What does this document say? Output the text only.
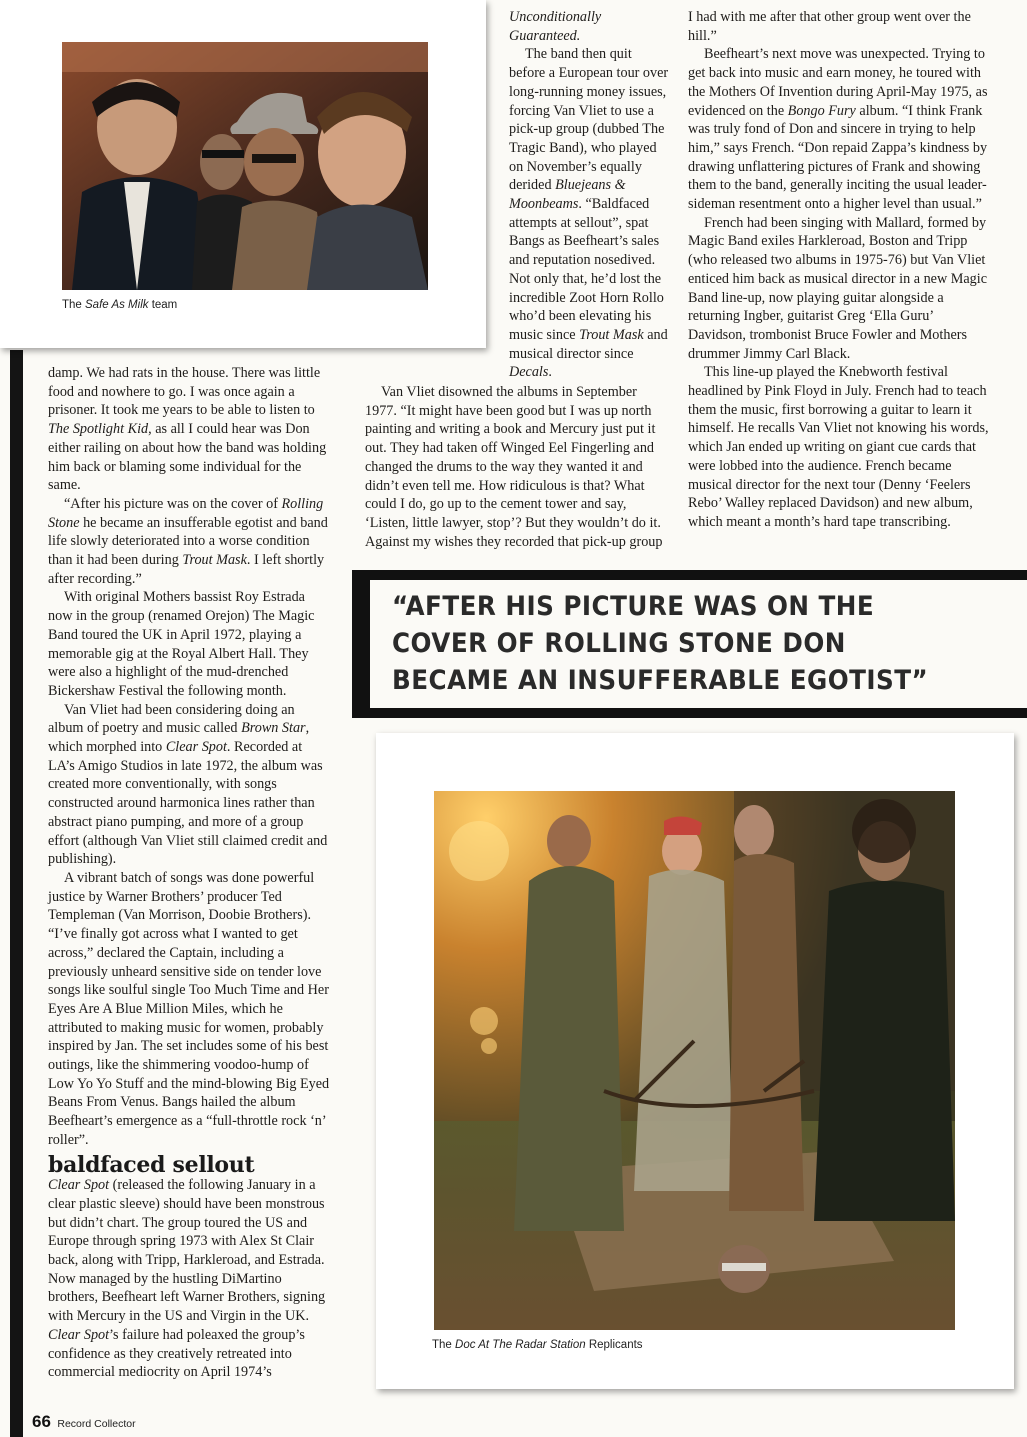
The Safe As Milk team

Unconditionally Guaranteed.

The band then quit before a European tour over long-running money issues, forcing Van Vliet to use a pick-up group (dubbed The Tragic Band), who played on November’s equally derided Bluejeans & Moonbeams. “Baldfaced attempts at sellout”, spat Bangs as Beefheart’s sales and reputation nosedived. Not only that, he’d lost the incredible Zoot Horn Rollo who’d been elevating his music since Trout Mask and musical director since Decals.

Van Vliet disowned the albums in September 1977. “It might have been good but I was up north painting and writing a book and Mercury just put it out. They had taken off Winged Eel Fingerling and changed the drums to the way they wanted it and didn’t even tell me. How ridiculous is that? What could I do, go up to the cement tower and say, ‘Listen, little lawyer, stop’? But they wouldn’t do it. Against my wishes they recorded that pick-up group

I had with me after that other group went over the hill.”

Beefheart’s next move was unexpected. Trying to get back into music and earn money, he toured with the Mothers Of Invention during April-May 1975, as evidenced on the Bongo Fury album. “I think Frank was truly fond of Don and sincere in trying to help him,” says French. “Don repaid Zappa’s kindness by drawing unflattering pictures of Frank and showing them to the band, generally inciting the usual leader-sideman resentment onto a higher level than usual.”

French had been singing with Mallard, formed by Magic Band exiles Harkleroad, Boston and Tripp (who released two albums in 1975-76) but Van Vliet enticed him back as musical director in a new Magic Band line-up, now playing guitar alongside a returning Ingber, guitarist Greg ‘Ella Guru’ Davidson, trombonist Bruce Fowler and Mothers drummer Jimmy Carl Black.

This line-up played the Knebworth festival headlined by Pink Floyd in July. French had to teach them the music, first borrowing a guitar to learn it himself. He recalls Van Vliet not knowing his words, which Jan ended up writing on giant cue cards that were lobbed into the audience. French became musical director for the next tour (Denny ‘Feelers Rebo’ Walley replaced Davidson) and new album, which meant a month’s hard tape transcribing.

damp. We had rats in the house. There was little food and nowhere to go. I was once again a prisoner. It took me years to be able to listen to The Spotlight Kid, as all I could hear was Don either railing on about how the band was holding him back or blaming some individual for the same.

“After his picture was on the cover of Rolling Stone he became an insufferable egotist and band life slowly deteriorated into a worse condition than it had been during Trout Mask. I left shortly after recording.”

With original Mothers bassist Roy Estrada now in the group (renamed Orejon) The Magic Band toured the UK in April 1972, playing a memorable gig at the Royal Albert Hall. They were also a highlight of the mud-drenched Bickershaw Festival the following month.

Van Vliet had been considering doing an album of poetry and music called Brown Star, which morphed into Clear Spot. Recorded at LA’s Amigo Studios in late 1972, the album was created more conventionally, with songs constructed around harmonica lines rather than abstract piano pumping, and more of a group effort (although Van Vliet still claimed credit and publishing).

A vibrant batch of songs was done powerful justice by Warner Brothers’ producer Ted Templeman (Van Morrison, Doobie Brothers). “I’ve finally got across what I wanted to get across,” declared the Captain, including a previously unheard sensitive side on tender love songs like soulful single Too Much Time and Her Eyes Are A Blue Million Miles, which he attributed to making music for women, probably inspired by Jan. The set includes some of his best outings, like the shimmering voodoo-hump of Low Yo Yo Stuff and the mind-blowing Big Eyed Beans From Venus. Bangs hailed the album Beefheart’s emergence as a “full-throttle rock ‘n’ roller”.

baldfaced sellout

Clear Spot (released the following January in a clear plastic sleeve) should have been monstrous but didn’t chart. The group toured the US and Europe through spring 1973 with Alex St Clair back, along with Tripp, Harkleroad, and Estrada. Now managed by the hustling DiMartino brothers, Beefheart left Warner Brothers, signing with Mercury in the US and Virgin in the UK. Clear Spot’s failure had poleaxed the group’s confidence as they creatively retreated into commercial mediocrity on April 1974’s

“AFTER HIS PICTURE WAS ON THE COVER OF ROLLING STONE DON BECAME AN INSUFFERABLE EGOTIST”
The Doc At The Radar Station Replicants
66 Record Collector
